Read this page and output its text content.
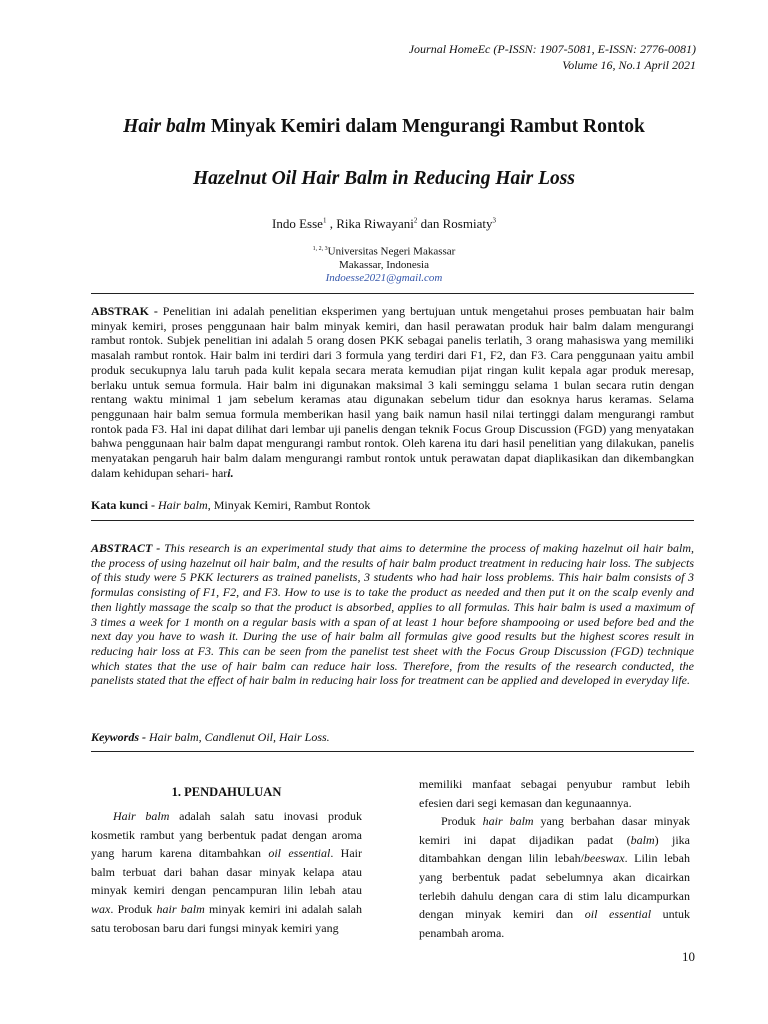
Journal HomeEc (P-ISSN: 1907-5081, E-ISSN: 2776-0081)
Volume 16, No.1 April 2021
Hair balm Minyak Kemiri dalam Mengurangi Rambut Rontok
Hazelnut Oil Hair Balm in Reducing Hair Loss
Indo Esse$^1$ , Rika Riwayani$^2$ dan Rosmiaty$^3$
$^{1, 2, 3}$Universitas Negeri Makassar
Makassar, Indonesia
Indoesse2021@gmail.com
ABSTRAK - Penelitian ini adalah penelitian eksperimen yang bertujuan untuk mengetahui proses pembuatan hair balm minyak kemiri, proses penggunaan hair balm minyak kemiri, dan hasil perawatan produk hair balm dalam mengurangi rambut rontok. Subjek penelitian ini adalah 5 orang dosen PKK sebagai panelis terlatih, 3 orang mahasiswa yang memiliki masalah rambut rontok. Hair balm ini terdiri dari 3 formula yang terdiri dari F1, F2, dan F3. Cara penggunaan yaitu ambil produk secukupnya lalu taruh pada kulit kepala secara merata kemudian pijat ringan kulit kepala agar produk meresap, berlaku untuk semua formula. Hair balm ini digunakan maksimal 3 kali seminggu selama 1 bulan secara rutin dengan rentang waktu minimal 1 jam sebelum keramas atau digunakan sebelum tidur dan esoknya harus keramas. Selama penggunaan hair balm semua formula memberikan hasil yang baik namun hasil nilai tertinggi dalam mengurangi rambut rontok pada F3. Hal ini dapat dilihat dari lembar uji panelis dengan teknik Focus Group Discussion (FGD) yang menyatakan bahwa penggunaan hair balm dapat mengurangi rambut rontok. Oleh karena itu dari hasil penelitian yang dilakukan, panelis menyatakan pengaruh hair balm dalam mengurangi rambut rontok untuk perawatan dapat diaplikasikan dan dikembangkan dalam kehidupan sehari- hari.
Kata kunci - Hair balm, Minyak Kemiri, Rambut Rontok
ABSTRACT - This research is an experimental study that aims to determine the process of making hazelnut oil hair balm, the process of using hazelnut oil hair balm, and the results of hair balm product treatment in reducing hair loss. The subjects of this study were 5 PKK lecturers as trained panelists, 3 students who had hair loss problems. This hair balm consists of 3 formulas consisting of F1, F2, and F3. How to use is to take the product as needed and then put it on the scalp evenly and then lightly massage the scalp so that the product is absorbed, applies to all formulas. This hair balm is used a maximum of 3 times a week for 1 month on a regular basis with a span of at least 1 hour before shampooing or used before bed and the next day you have to wash it. During the use of hair balm all formulas give good results but the highest scores result in reducing hair loss at F3. This can be seen from the panelist test sheet with the Focus Group Discussion (FGD) technique which states that the use of hair balm can reduce hair loss. Therefore, from the results of the research conducted, the panelists stated that the effect of hair balm in reducing hair loss for treatment can be applied and developed in everyday life.
Keywords - Hair balm, Candlenut Oil, Hair Loss.
1. PENDAHULUAN

Hair balm adalah salah satu inovasi produk kosmetik rambut yang berbentuk padat dengan aroma yang harum karena ditambahkan oil essential. Hair balm terbuat dari bahan dasar minyak kelapa atau minyak kemiri dengan pencampuran lilin lebah atau wax. Produk hair balm minyak kemiri ini adalah salah satu terobosan baru dari fungsi minyak kemiri yang

memiliki manfaat sebagai penyubur rambut lebih efesien dari segi kemasan dan kegunaannya.

Produk hair balm yang berbahan dasar minyak kemiri ini dapat dijadikan padat (balm) jika ditambahkan dengan lilin lebah/beeswax. Lilin lebah yang berbentuk padat sebelumnya akan dicairkan terlebih dahulu dengan cara di stim lalu dicampurkan dengan minyak kemiri dan oil essential untuk penambah aroma.

10
